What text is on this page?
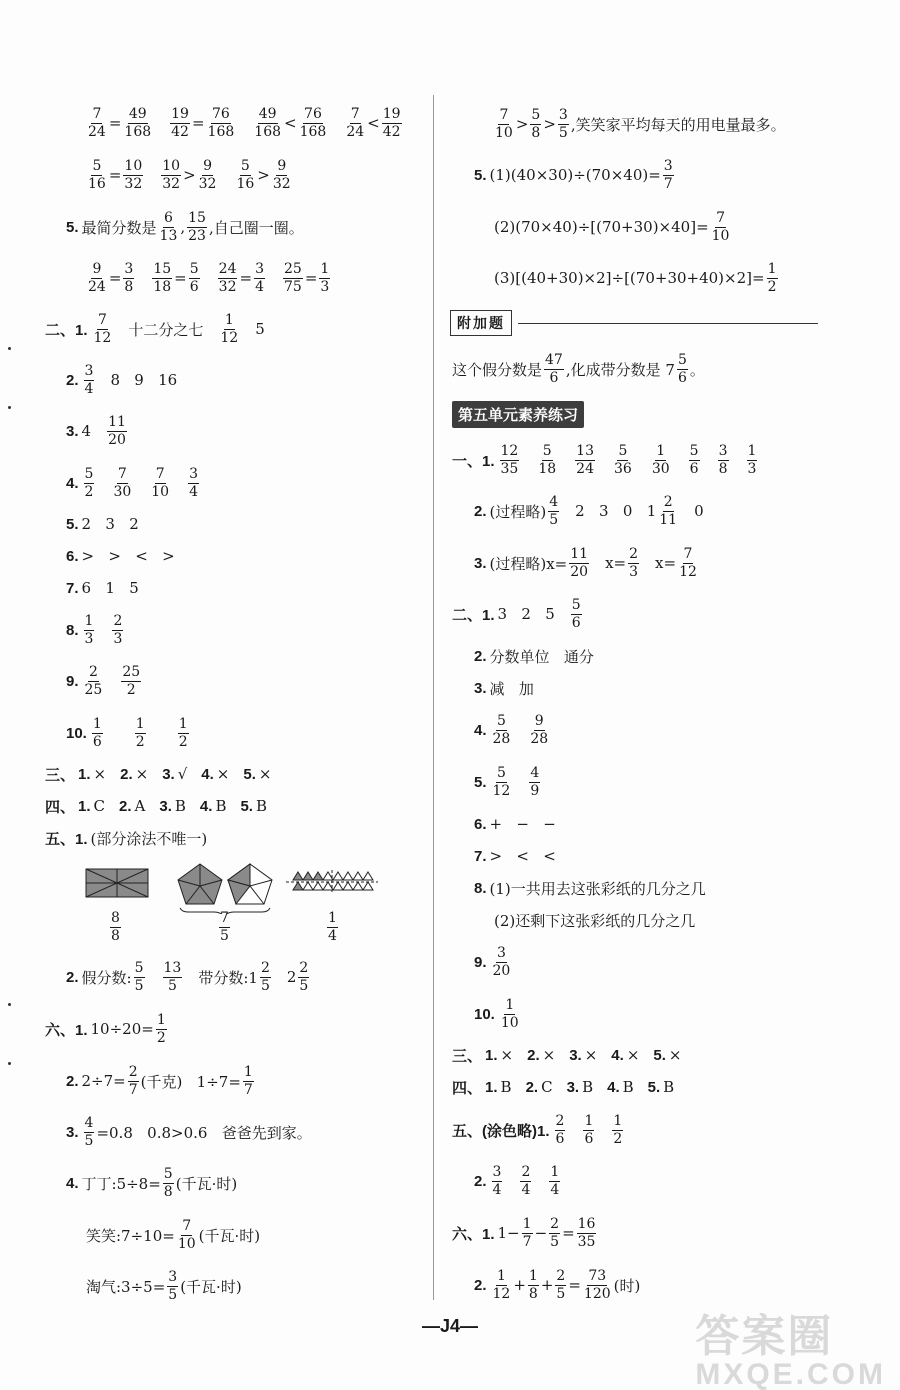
$\frac{7}{24} = \frac{49}{168} \frac{19}{42} = \frac{76}{168} \frac{49}{168} < \frac{76}{168} \frac{7}{24} < \frac{19}{42}$
$\frac{5}{16} = \frac{10}{32} \frac{10}{32} > \frac{9}{32} \frac{5}{16} > \frac{9}{32}$
5. 最简分数是 $\frac{6}{13}$ , $\frac{15}{23}$ ,自己圈一圈。
$\frac{9}{24} = \frac{3}{8} \frac{15}{18} = \frac{5}{6} \frac{24}{32} = \frac{3}{4} \frac{25}{75} = \frac{1}{3}$
二、1. $\frac{7}{12}$ 十二分之七 $\frac{1}{12} 5$
2. $\frac{3}{4} 8$   9   16
3. $4 \frac{11}{20}$
4. $\frac{5}{2} \frac{7}{30} \frac{7}{10} \frac{3}{4}$
5. 2   3   2
6. >   >   <   >
7. 6   1   5
8. $\frac{1}{3} \frac{2}{3}$
9. $\frac{2}{25} \frac{25}{2}$
10. $\frac{1}{6} \frac{1}{2} \frac{1}{2}$
三、 1. × 2. × 3. √ 4. × 5. ×
四、 1. C 2. A 3. B 4. B 5. B
五、1. (部分涂法不唯一)
$\frac{8}{8}$	$\frac{7}{5}$	$\frac{1}{4}$
2. 假分数: $\frac{5}{5} \frac{13}{5}$ 带分数:1 $\frac{2}{5} 2 \frac{2}{5}$
六、1. $10\div 20= \frac{1}{2}$
2. $2\div 7= \frac{2}{7}$ (千克)   $1\div 7= \frac{1}{7}$
3. $\frac{4}{5} =0.8$   0.8>0.6   爸爸先到家。
4. 丁丁:5÷8= $\frac{5}{8}$ (千瓦·时)
笑笑:7÷10= $\frac{7}{10}$ (千瓦·时)
淘气:3÷5= $\frac{3}{5}$ (千瓦·时)
$\frac{7}{10} > \frac{5}{8} > \frac{3}{5}$ ,笑笑家平均每天的用电量最多。
5. $(1)(40\times 30)\div(70\times 40)= \frac{3}{7}$
$(2)(70\times 40)\div[(70+30)\times 40]= \frac{7}{10}$
$(3)[(40+30)\times 2]\div[(70+30+40)\times 2]= \frac{1}{2}$
附加题
这个假分数是 $\frac{47}{6}$ ,化成带分数是 $7 \frac{5}{6}$ 。
第五单元素养练习
一、1. $\frac{12}{35} \frac{5}{18} \frac{13}{24} \frac{5}{36} \frac{1}{30} \frac{5}{6} \frac{3}{8} \frac{1}{3}$
2. (过程略) $\frac{4}{5} 2$   3   0   $1 \frac{2}{11} 0$
3. (过程略)$x= \frac{11}{20} x= \frac{2}{3} x= \frac{7}{12}$
二、1. 3   2   $5 \frac{5}{6}$
2. 分数单位   通分
3. 减   加
4. $\frac{5}{28} \frac{9}{28}$
5. $\frac{5}{12} \frac{4}{9}$
6. +   −   −
7. >   <   <
8. (1)一共用去这张彩纸的几分之几
(2)还剩下这张彩纸的几分之几
9. $\frac{3}{20}$
10. $\frac{1}{10}$
三、 1. × 2. × 3. × 4. × 5. ×
四、 1. B 2. C 3. B 4. B 5. B
五、(涂色略)1. $\frac{2}{6} \frac{1}{6} \frac{1}{2}$
2. $\frac{3}{4} \frac{2}{4} \frac{1}{4}$
六、1. $1- \frac{1}{7} - \frac{2}{5} = \frac{16}{35}$
2. $\frac{1}{12} + \frac{1}{8} + \frac{2}{5} = \frac{73}{120}$ (时)
—J4—	答案圈
MXQE.COM
